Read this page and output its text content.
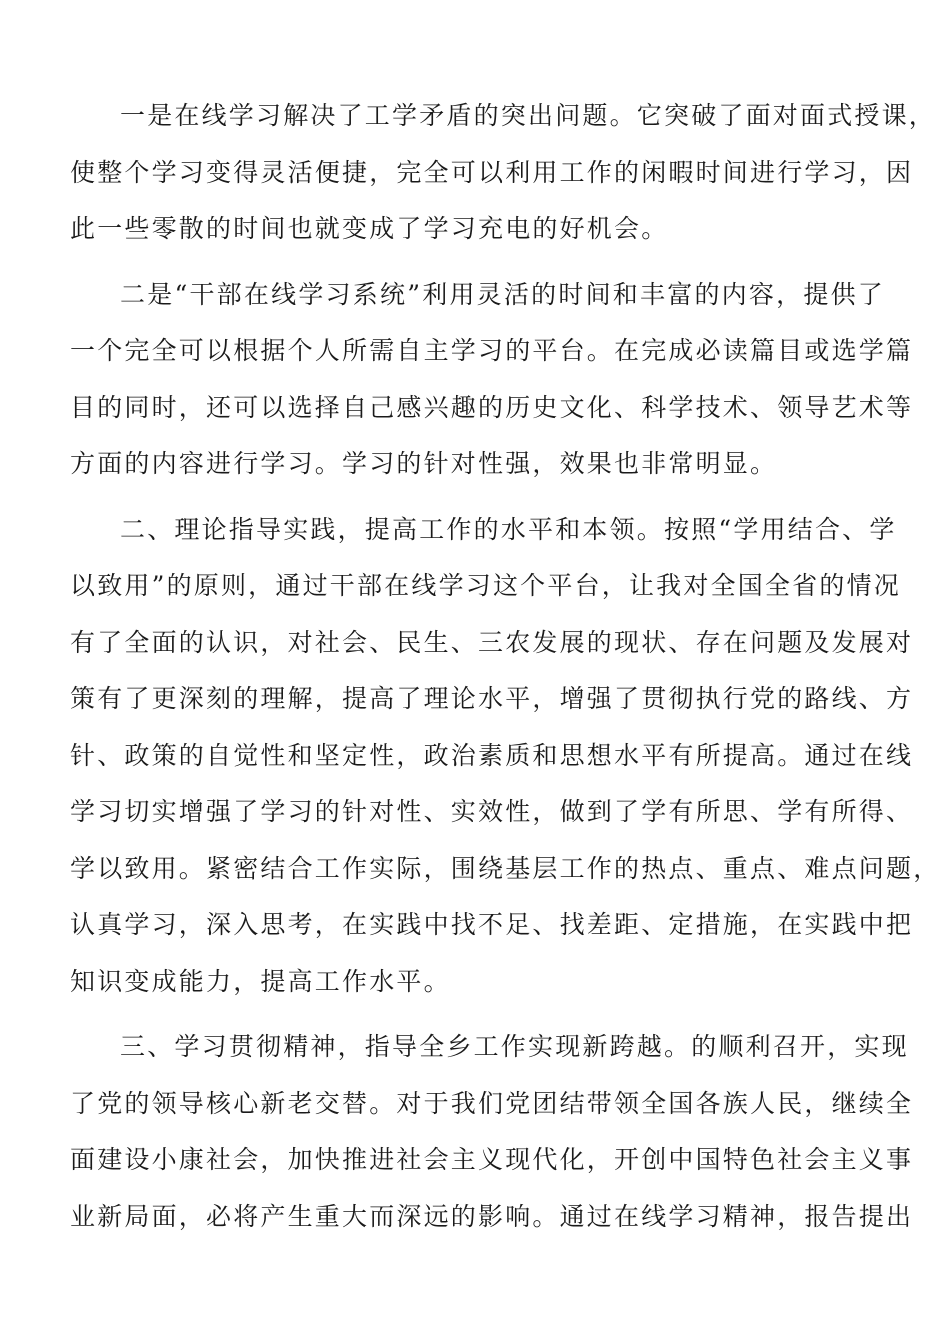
一是在线学习解决了工学矛盾的突出问题。它突破了面对面式授课，
使整个学习变得灵活便捷，完全可以利用工作的闲暇时间进行学习，因
此一些零散的时间也就变成了学习充电的好机会。
二是“干部在线学习系统”利用灵活的时间和丰富的内容，提供了
一个完全可以根据个人所需自主学习的平台。在完成必读篇目或选学篇
目的同时，还可以选择自己感兴趣的历史文化、科学技术、领导艺术等
方面的内容进行学习。学习的针对性强，效果也非常明显。
二、理论指导实践，提高工作的水平和本领。按照“学用结合、学
以致用”的原则，通过干部在线学习这个平台，让我对全国全省的情况
有了全面的认识，对社会、民生、三农发展的现状、存在问题及发展对
策有了更深刻的理解，提高了理论水平，增强了贯彻执行党的路线、方
针、政策的自觉性和坚定性，政治素质和思想水平有所提高。通过在线
学习切实增强了学习的针对性、实效性，做到了学有所思、学有所得、
学以致用。紧密结合工作实际，围绕基层工作的热点、重点、难点问题，
认真学习，深入思考，在实践中找不足、找差距、定措施，在实践中把
知识变成能力，提高工作水平。
三、学习贯彻精神，指导全乡工作实现新跨越。的顺利召开，实现
了党的领导核心新老交替。对于我们党团结带领全国各族人民，继续全
面建设小康社会，加快推进社会主义现代化，开创中国特色社会主义事
业新局面，必将产生重大而深远的影响。通过在线学习精神，报告提出
